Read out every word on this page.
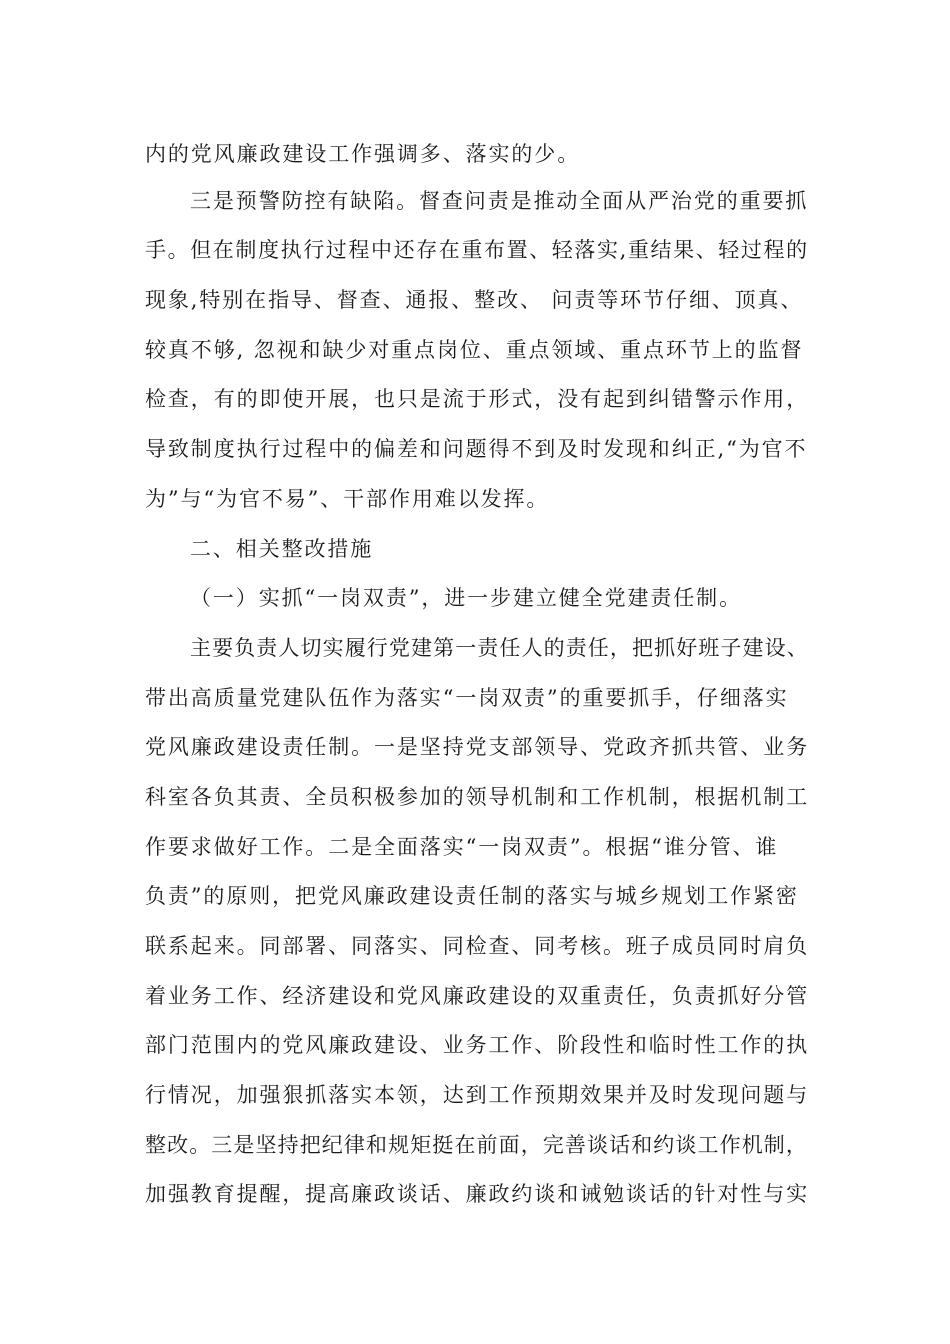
内的党风廉政建设工作强调多、落实的少。
三是预警防控有缺陷。督查问责是推动全面从严治党的重要抓
手。但在制度执行过程中还存在重布置、轻落实,重结果、轻过程的
现象,特别在指导、督查、通报、整改、 问责等环节仔细、顶真、
较真不够, 忽视和缺少对重点岗位、重点领域、重点环节上的监督
检查，有的即使开展，也只是流于形式，没有起到纠错警示作用，
导致制度执行过程中的偏差和问题得不到及时发现和纠正,“为官不
为”与“为官不易”、干部作用难以发挥。
二、相关整改措施
（一）实抓“一岗双责”，进一步建立健全党建责任制。
主要负责人切实履行党建第一责任人的责任，把抓好班子建设、
带出高质量党建队伍作为落实“一岗双责”的重要抓手，仔细落实
党风廉政建设责任制。一是坚持党支部领导、党政齐抓共管、业务
科室各负其责、全员积极参加的领导机制和工作机制，根据机制工
作要求做好工作。二是全面落实“一岗双责”。根据“谁分管、谁
负责”的原则，把党风廉政建设责任制的落实与城乡规划工作紧密
联系起来。同部署、同落实、同检查、同考核。班子成员同时肩负
着业务工作、经济建设和党风廉政建设的双重责任，负责抓好分管
部门范围内的党风廉政建设、业务工作、阶段性和临时性工作的执
行情况，加强狠抓落实本领，达到工作预期效果并及时发现问题与
整改。三是坚持把纪律和规矩挺在前面，完善谈话和约谈工作机制，
加强教育提醒，提高廉政谈话、廉政约谈和诫勉谈话的针对性与实
